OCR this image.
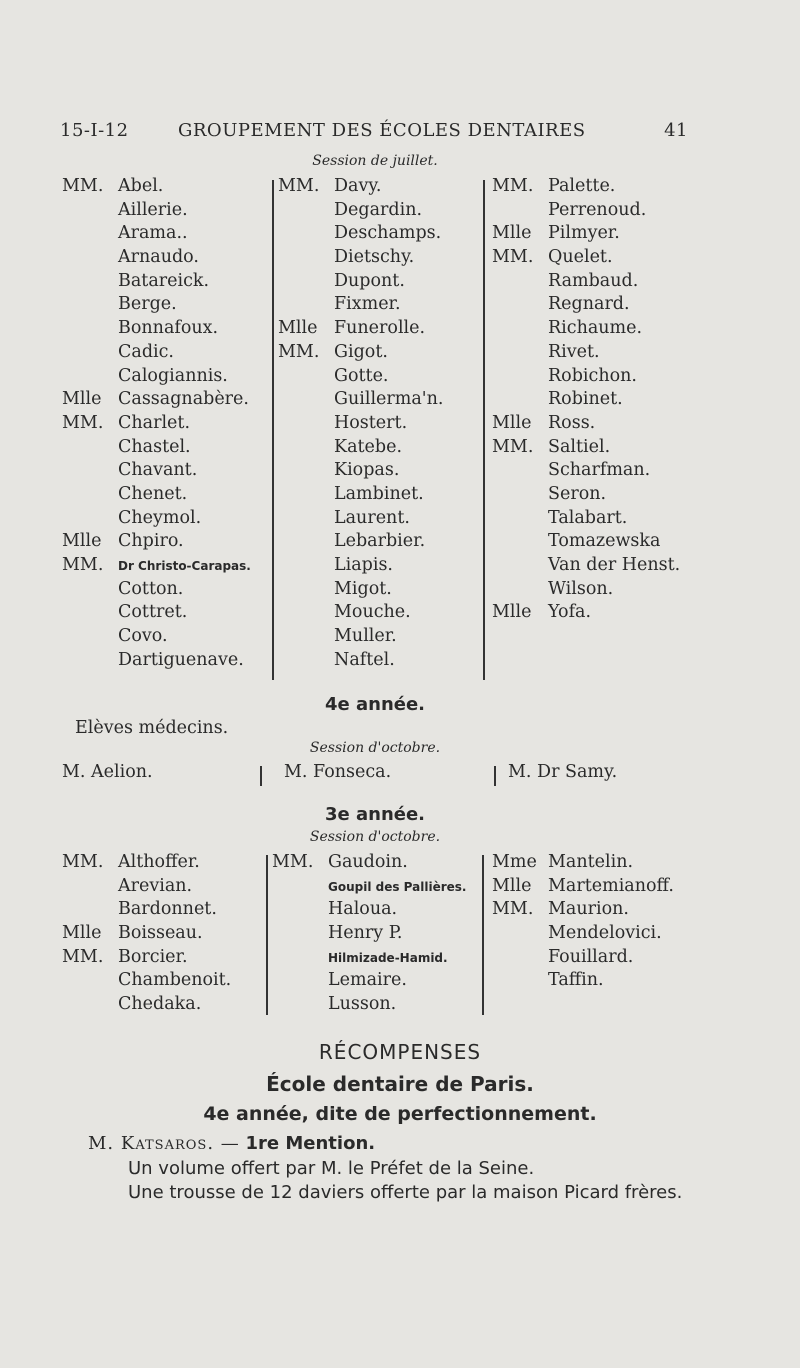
15-I-12	GROUPEMENT DES ÉCOLES DENTAIRES	41
Session de juillet.
MM. Abel.
Aillerie.
Arama..
Arnaudo.
Batareick.
Berge.
Bonnafoux.
Cadic.
Calogiannis.
Mlle Cassagnabère.
MM. Charlet.
Chastel.
Chavant.
Chenet.
Cheymol.
Mlle Chpiro.
MM. Dr Christo-Carapas.
Cotton.
Cottret.
Covo.
Dartiguenave.
MM. Davy.
Degardin.
Deschamps.
Dietschy.
Dupont.
Fixmer.
Mlle Funerolle.
MM. Gigot.
Gotte.
Guillerma'n.
Hostert.
Katebe.
Kiopas.
Lambinet.
Laurent.
Lebarbier.
Liapis.
Migot.
Mouche.
Muller.
Naftel.
MM. Palette.
Perrenoud.
Mlle Pilmyer.
MM. Quelet.
Rambaud.
Regnard.
Richaume.
Rivet.
Robichon.
Robinet.
Mlle Ross.
MM. Saltiel.
Scharfman.
Seron.
Talabart.
Tomazewska
Van der Henst.
Wilson.
Mlle Yofa.
4e année.
Elèves médecins.
Session d'octobre.
M. Aelion.	M. Fonseca.	M. Dr Samy.
3e année.
Session d'octobre.
MM. Althoffer.
Arevian.
Bardonnet.
Mlle Boisseau.
MM. Borcier.
Chambenoit.
Chedaka.
MM. Gaudoin.
Goupil des Pallières.
Haloua.
Henry P.
Hilmizade-Hamid.
Lemaire.
Lusson.
Mme Mantelin.
Mlle Martemianoff.
MM. Maurion.
Mendelovici.
Fouillard.
Taffin.
RÉCOMPENSES
École dentaire de Paris.
4e année, dite de perfectionnement.
M. Katsaros. — 1re Mention.
Un volume offert par M. le Préfet de la Seine.
Une trousse de 12 daviers offerte par la maison Picard frères.
